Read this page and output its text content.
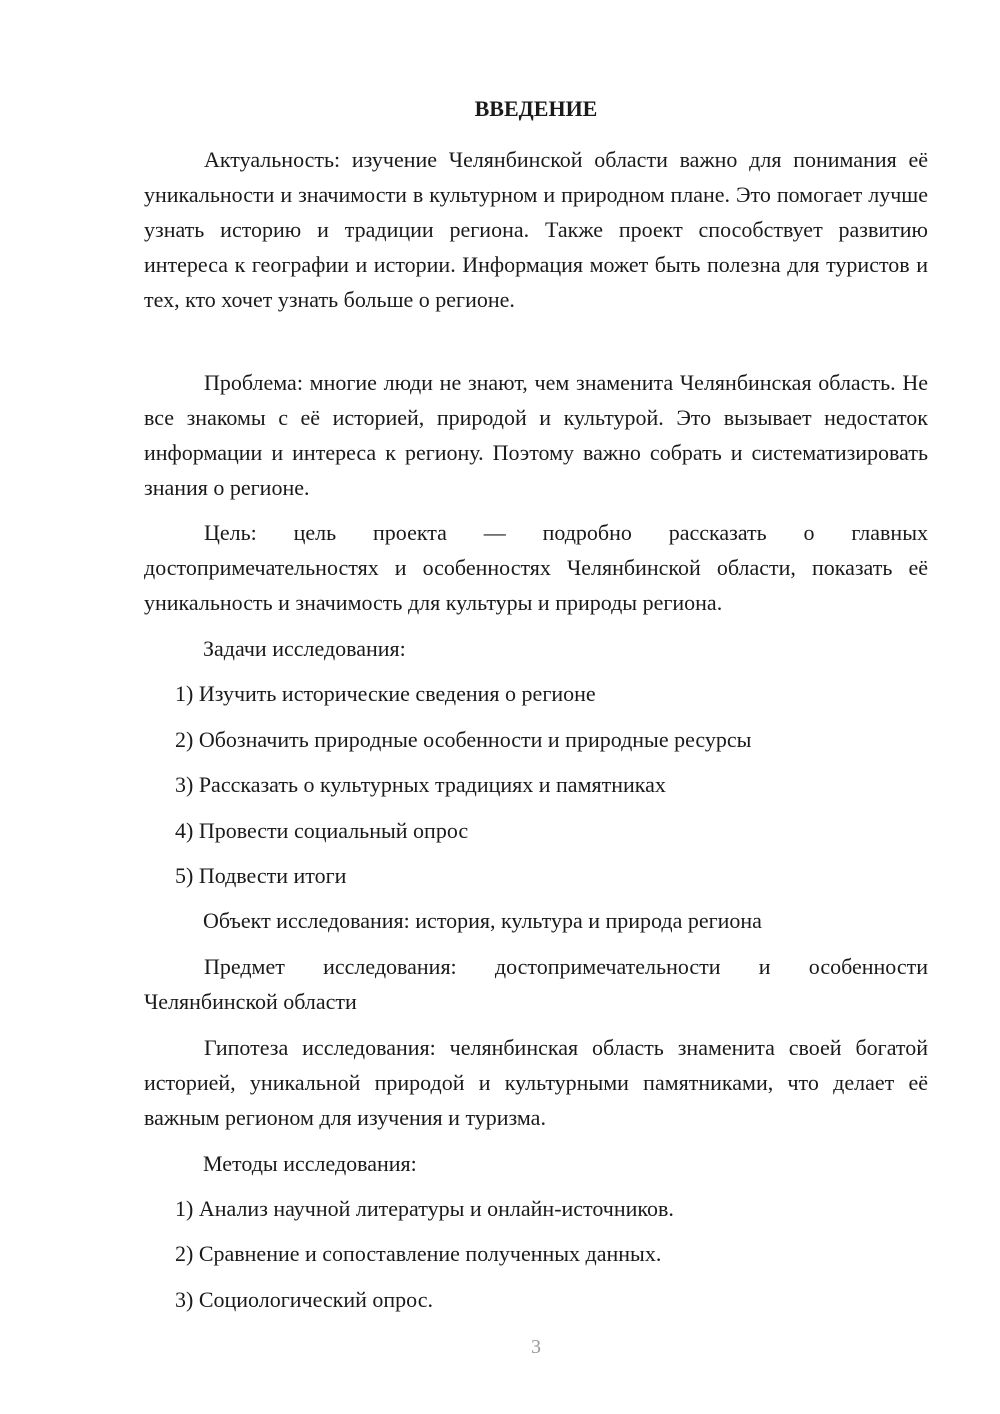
ВВЕДЕНИЕ

Актуальность: изучение Челянбинской области важно для понимания её уникальности и значимости в культурном и природном плане. Это помогает лучше узнать историю и традиции региона. Также проект способствует развитию интереса к географии и истории. Информация может быть полезна для туристов и тех, кто хочет узнать больше о регионе.

Проблема: многие люди не знают, чем знаменита Челянбинская область. Не все знакомы с её историей, природой и культурой. Это вызывает недостаток информации и интереса к региону. Поэтому важно собрать и систематизировать знания о регионе.

Цель: цель проекта — подробно рассказать о главных достопримечательностях и особенностях Челянбинской области, показать её уникальность и значимость для культуры и природы региона.

Задачи исследования:

1) Изучить исторические сведения о регионе

2) Обозначить природные особенности и природные ресурсы

3) Рассказать о культурных традициях и памятниках

4) Провести социальный опрос

5) Подвести итоги

Объект исследования: история, культура и природа региона

Предмет исследования: достопримечательности и особенности Челянбинской области

Гипотеза исследования: челянбинская область знаменита своей богатой историей, уникальной природой и культурными памятниками, что делает её важным регионом для изучения и туризма.

Методы исследования:

1) Анализ научной литературы и онлайн-источников.

2) Сравнение и сопоставление полученных данных.

3) Социологический опрос.

3
